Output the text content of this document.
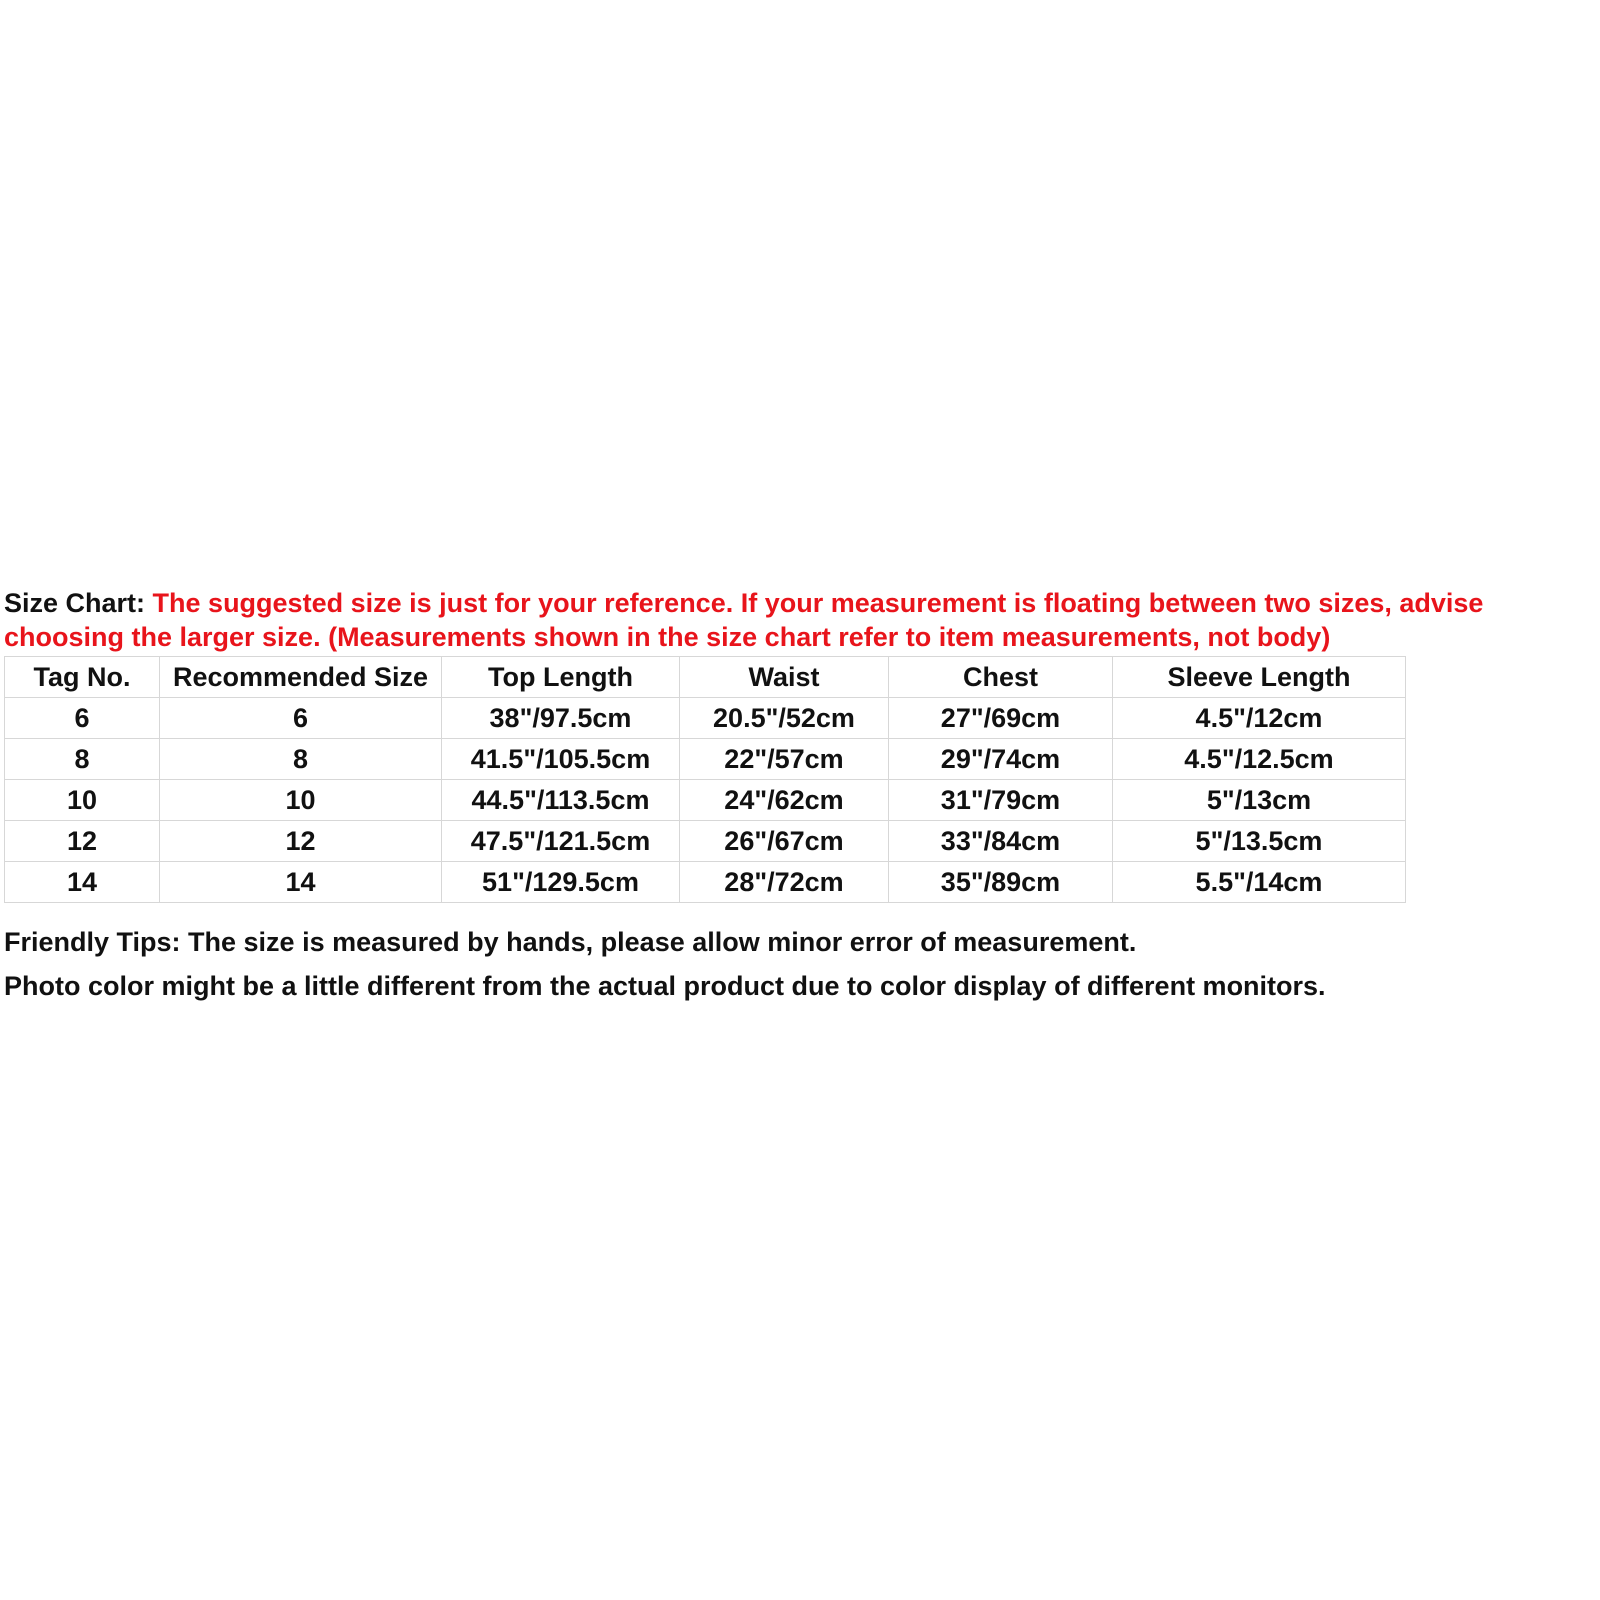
Size Chart: The suggested size is just for your reference. If your measurement is floating between two sizes, advise choosing the larger size. (Measurements shown in the size chart refer to item measurements, not body)

Tag No.	Recommended Size	Top Length	Waist	Chest	Sleeve Length
6	6	38"/97.5cm	20.5"/52cm	27"/69cm	4.5"/12cm
8	8	41.5"/105.5cm	22"/57cm	29"/74cm	4.5"/12.5cm
10	10	44.5"/113.5cm	24"/62cm	31"/79cm	5"/13cm
12	12	47.5"/121.5cm	26"/67cm	33"/84cm	5"/13.5cm
14	14	51"/129.5cm	28"/72cm	35"/89cm	5.5"/14cm

Friendly Tips: The size is measured by hands, please allow minor error of measurement.

Photo color might be a little different from the actual product due to color display of different monitors.
